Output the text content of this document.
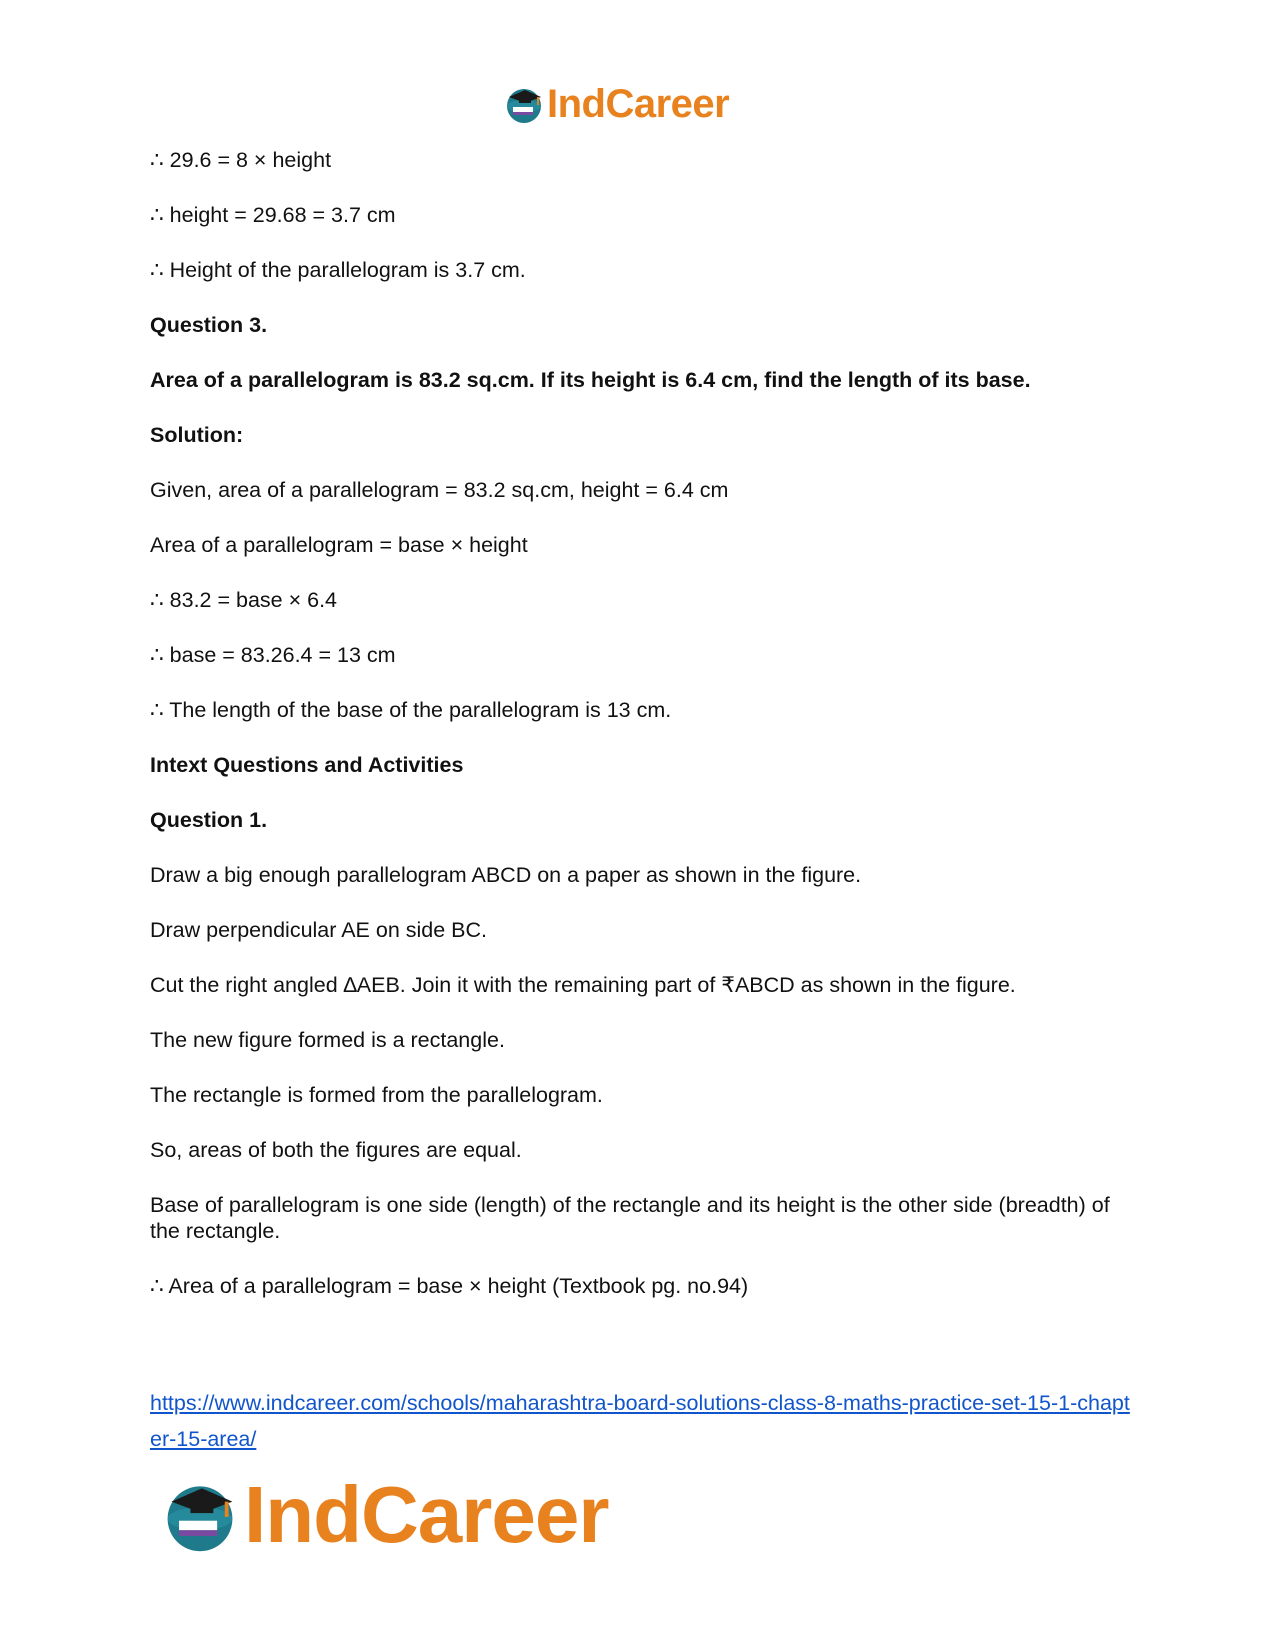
IndCareer

∴ 29.6 = 8 × height

∴ height = 29.68 = 3.7 cm

∴ Height of the parallelogram is 3.7 cm.

Question 3.

Area of a parallelogram is 83.2 sq.cm. If its height is 6.4 cm, find the length of its base.

Solution:

Given, area of a parallelogram = 83.2 sq.cm, height = 6.4 cm

Area of a parallelogram = base × height

∴ 83.2 = base × 6.4

∴ base = 83.26.4 = 13 cm

∴ The length of the base of the parallelogram is 13 cm.

Intext Questions and Activities

Question 1.

Draw a big enough parallelogram ABCD on a paper as shown in the figure.

Draw perpendicular AE on side BC.

Cut the right angled ∆AEB. Join it with the remaining part of ₹ABCD as shown in the figure.

The new figure formed is a rectangle.

The rectangle is formed from the parallelogram.

So, areas of both the figures are equal.

Base of parallelogram is one side (length) of the rectangle and its height is the other side (breadth) of the rectangle.

∴ Area of a parallelogram = base × height (Textbook pg. no.94)

https://www.indcareer.com/schools/maharashtra-board-solutions-class-8-maths-practice-set-15-1-chapter-15-area/
IndCareer
